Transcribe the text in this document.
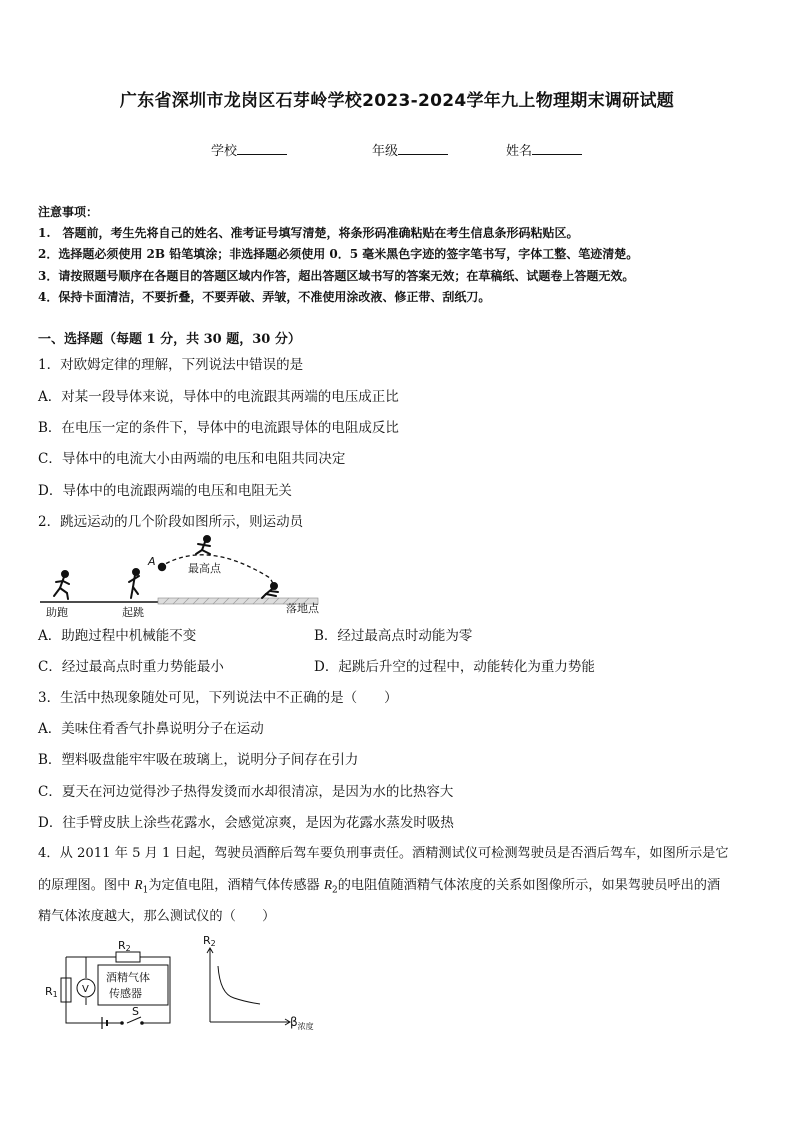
广东省深圳市龙岗区石芽岭学校2023-2024学年九上物理期末调研试题
学校	年级	姓名
注意事项：
1.　答题前，考生先将自己的姓名、准考证号填写清楚，将条形码准确粘贴在考生信息条形码粘贴区。
2．选择题必须使用 2B 铅笔填涂；非选择题必须使用 0．5 毫米黑色字迹的签字笔书写，字体工整、笔迹清楚。
3．请按照题号顺序在各题目的答题区域内作答，超出答题区域书写的答案无效；在草稿纸、试题卷上答题无效。
4．保持卡面清洁，不要折叠，不要弄破、弄皱，不准使用涂改液、修正带、刮纸刀。
一、选择题（每题 1 分，共 30 题，30 分）
1．对欧姆定律的理解，下列说法中错误的是
A．对某一段导体来说，导体中的电流跟其两端的电压成正比
B．在电压一定的条件下，导体中的电流跟导体的电阻成反比
C．导体中的电流大小由两端的电压和电阻共同决定
D．导体中的电流跟两端的电压和电阻无关
2．跳远运动的几个阶段如图所示，则运动员
A
最高点
助跑	起跳	落地点
A．助跑过程中机械能不变	B．经过最高点时动能为零
C．经过最高点时重力势能最小	D．起跳后升空的过程中，动能转化为重力势能
3．生活中热现象随处可见，下列说法中不正确的是（　　）
A．美味住肴香气扑鼻说明分子在运动
B．塑料吸盘能牢牢吸在玻璃上，说明分子间存在引力
C．夏天在河边觉得沙子热得发烫而水却很清凉，是因为水的比热容大
D．往手臂皮肤上涂些花露水，会感觉凉爽，是因为花露水蒸发时吸热
4．从 2011 年 5 月 1 日起，驾驶员酒醉后驾车要负刑事责任。酒精测试仪可检测驾驶员是否酒后驾车，如图所示是它
的原理图。图中 $R_1$为定值电阻，酒精气体传感器 $R_2$的电阻值随酒精气体浓度的关系如图像所示，如果驾驶员呼出的酒
精气体浓度越大，那么测试仪的（　　）
R2
R1 V
酒精气体
传感器
S
R2
$\beta_{浓度}$
